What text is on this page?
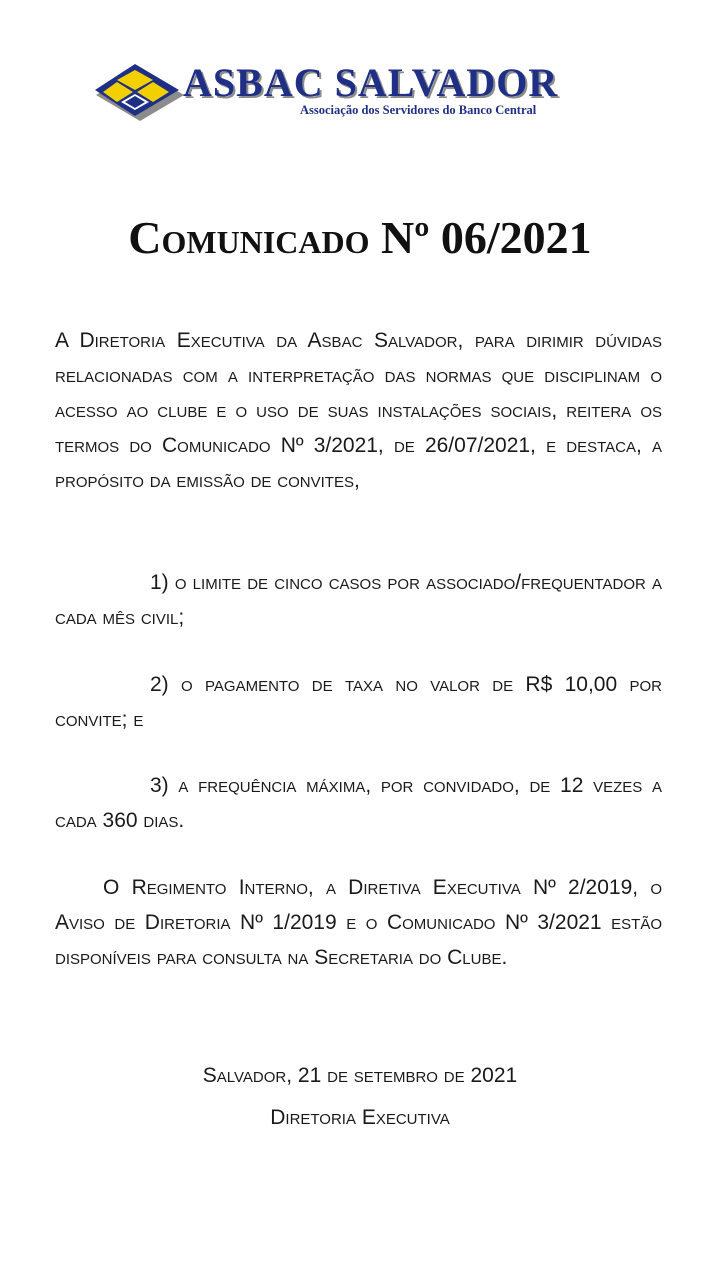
ASBAC SALVADOR
Associação dos Servidores do Banco Central
Comunicado Nº 06/2021

A Diretoria Executiva da Asbac Salvador, para dirimir dúvidas relacionadas com a interpretação das normas que disciplinam o acesso ao clube e o uso de suas instalações sociais, reitera os termos do Comunicado Nº 3/2021, de 26/07/2021, e destaca, a propósito da emissão de convites,

1) o limite de cinco casos por associado/frequentador a cada mês civil;

2) o pagamento de taxa no valor de R$ 10,00 por convite; e

3) a frequência máxima, por convidado, de 12 vezes a cada 360 dias.

O Regimento Interno, a Diretiva Executiva Nº 2/2019, o Aviso de Diretoria Nº 1/2019 e o Comunicado Nº 3/2021 estão disponíveis para consulta na Secretaria do Clube.

Salvador, 21 de setembro de 2021
Diretoria Executiva
